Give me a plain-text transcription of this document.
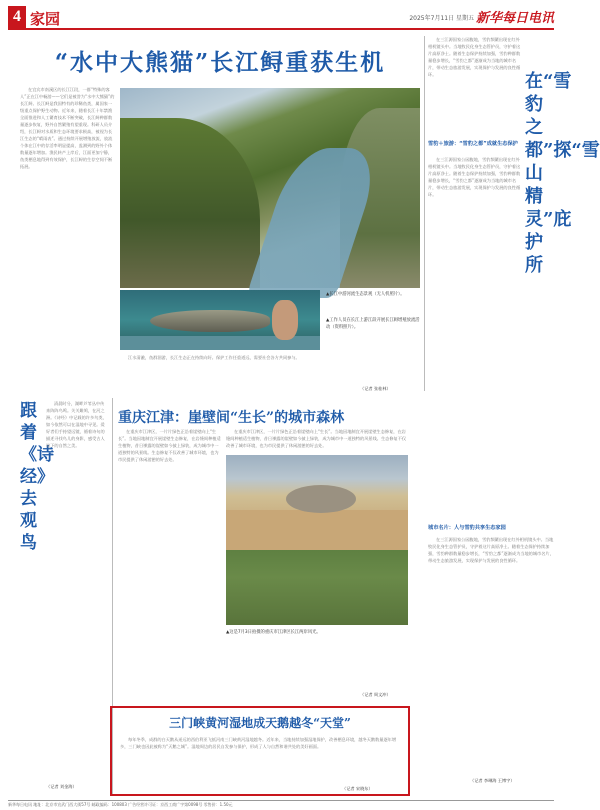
4 家园	2025年7月11日 星期五 新华每日电讯
“水中大熊猫”长江鲟重获生机

在宜宾市南溪区的长江江段，一群“特殊的客人”正在江中畅游——它们是被誉为“水中大熊猫”的长江鲟。长江鲟是我国特有的珍稀鱼类，属国家一级重点保护野生动物。近年来，随着长江十年禁渔全面推进和人工繁育技术不断突破，长江鲟种群数量逐步恢复，野外自然繁殖有望重现。科研人员介绍，长江鲟对水质和生态环境要求极高，被视为长江生态的“晴雨表”。通过持续开展增殖放流，放流个体在江中的存活率明显提高，监测到的野外个体数量逐年增加。渔民转产上岸后，江面更加宁静，鱼类栖息地得到有效保护，长江鲟的生存空间不断拓展。

▲长江中游河流生态景观（无人机照片）。
▲工作人员在长江上游江段开展长江鲟增殖放流活动（资料照片）。

江水清澈，鱼群洄游，长江生态正在持续向好。保护工作任重道远，需要社会各方共同参与。

（记者 张桂林）

在三江源国家公园腹地，雪豹频繁出现在红外相机镜头中。当地牧民化身生态管护员，守护着这片高原净土。随着生态保护持续加强，雪豹种群数量稳步增长，“雪豹之都”逐渐成为当地的城市名片，带动生态旅游发展，实现保护与发展的良性循环。	在“雪豹之都”探“雪山精灵”庇护所
雪豹＋旅游：“雪豹之都”成就生态保护

在三江源国家公园腹地，雪豹频繁出现在红外相机镜头中。当地牧民化身生态管护员，守护着这片高原净土。随着生态保护持续加强，雪豹种群数量稳步增长，“雪豹之都”逐渐成为当地的城市名片，带动生态旅游发展，实现保护与发展的良性循环。

城市名片：人与雪豹共享生态家园

在三江源国家公园腹地，雪豹频繁出现在红外相机镜头中。当地牧民化身生态管护员，守护着这片高原净土。随着生态保护持续加强，雪豹种群数量稳步增长，“雪豹之都”逐渐成为当地的城市名片，带动生态旅游发展，实现保护与发展的良性循环。

（记者 李琳海 王博宇）
跟着《诗经》去观鸟

清晨时分，湖畔芦苇丛中传来阵阵鸟鸣。关关雎鸠，在河之洲。《诗经》中记载的许多鸟类，如今依然可以在湿地中寻见。爱好者们手持望远镜，循着诗句的描述寻找鸟儿的身影，感受古人笔下的自然之美。

（记者 刘金海）
重庆江津：崖壁间“生长”的城市森林

在重庆市江津区，一片片绿色正沿着崖壁向上“生长”。当地因地制宜开展崖壁生态修复，在岩缝间种植适生植物，昔日裸露的崖壁如今披上绿装，成为城市中一道独特的风景线。生态修复不仅改善了城市环境，也为市民提供了休闲游憩的好去处。

在重庆市江津区，一片片绿色正沿着崖壁向上“生长”。当地因地制宜开展崖壁生态修复，在岩缝间种植适生植物，昔日裸露的崖壁如今披上绿装，成为城市中一道独特的风景线。生态修复不仅改善了城市环境，也为市民提供了休闲游憩的好去处。

▲这是7月3日拍摄的重庆市江津区长江两岸风光。
（记者 周文冲）
三门峡黄河湿地成天鹅越冬“天堂”

每年冬季，成群的白天鹅从遥远的西伯利亚飞抵河南三门峡黄河湿地越冬。近年来，当地持续加强湿地保护，改善栖息环境，越冬天鹅数量逐年增多，三门峡也因此被称为“天鹅之城”。湿地周边的居民自发参与保护，形成了人与自然和谐共处的美好画面。

（记者 宋晓东）
新华每日电讯 地址：北京市宣武门西大街57号 邮政编码：100803 广告经营许可证：京西工商广字第0098号 零售价：1.50元
